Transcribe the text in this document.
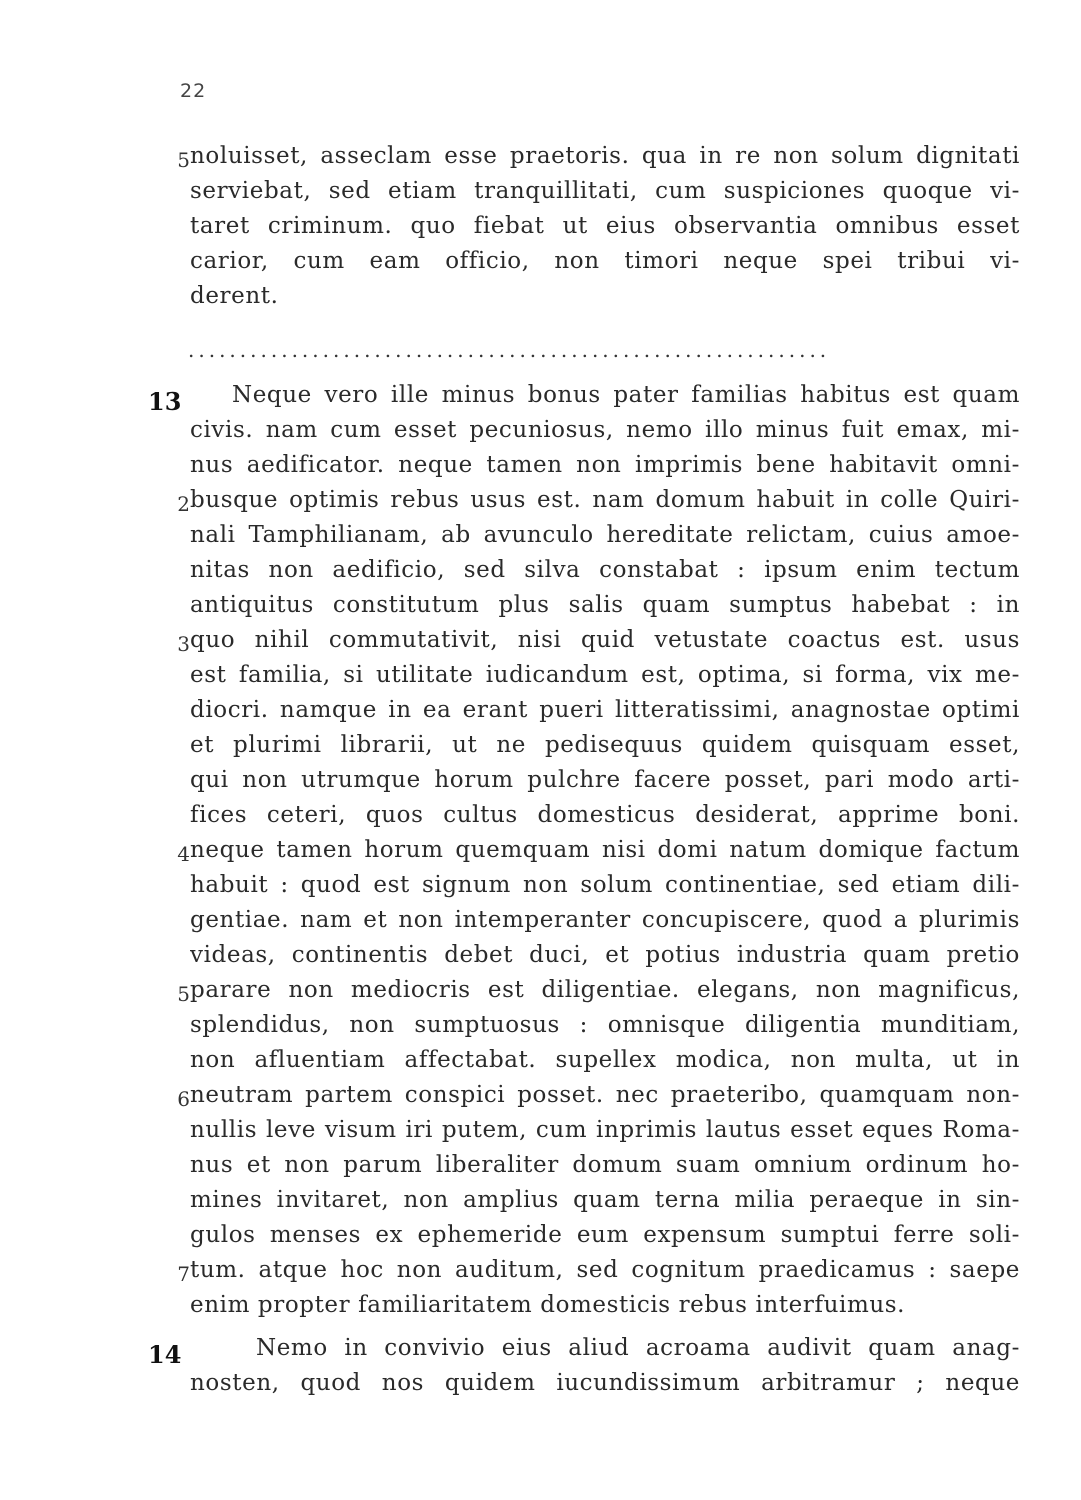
22
5 noluisset, asseclam esse praetoris. qua in re non solum dignitati
serviebat, sed etiam tranquillitati, cum suspiciones quoque vi-
taret criminum. quo fiebat ut eius observantia omnibus esset
carior, cum eam officio, non timori neque spei tribui vi-
derent.
..............................................................
13 Neque vero ille minus bonus pater familias habitus est quam
civis. nam cum esset pecuniosus, nemo illo minus fuit emax, mi-
nus aedificator. neque tamen non imprimis bene habitavit omni-
2 busque optimis rebus usus est. nam domum habuit in colle Quiri-
nali Tamphilianam, ab avunculo hereditate relictam, cuius amoe-
nitas non aedificio, sed silva constabat : ipsum enim tectum
antiquitus constitutum plus salis quam sumptus habebat : in
3 quo nihil commutativit, nisi quid vetustate coactus est. usus
est familia, si utilitate iudicandum est, optima, si forma, vix me-
diocri. namque in ea erant pueri litteratissimi, anagnostae optimi
et plurimi librarii, ut ne pedisequus quidem quisquam esset,
qui non utrumque horum pulchre facere posset, pari modo arti-
fices ceteri, quos cultus domesticus desiderat, apprime boni.
4 neque tamen horum quemquam nisi domi natum domique factum
habuit : quod est signum non solum continentiae, sed etiam dili-
gentiae. nam et non intemperanter concupiscere, quod a plurimis
videas, continentis debet duci, et potius industria quam pretio
5 parare non mediocris est diligentiae. elegans, non magnificus,
splendidus, non sumptuosus : omnisque diligentia munditiam,
non afluentiam affectabat. supellex modica, non multa, ut in
6 neutram partem conspici posset. nec praeteribo, quamquam non-
nullis leve visum iri putem, cum inprimis lautus esset eques Roma-
nus et non parum liberaliter domum suam omnium ordinum ho-
mines invitaret, non amplius quam terna milia peraeque in sin-
gulos menses ex ephemeride eum expensum sumptui ferre soli-
7 tum. atque hoc non auditum, sed cognitum praedicamus : saepe
enim propter familiaritatem domesticis rebus interfuimus.
14	Nemo in convivio eius aliud acroama audivit quam anag-
nosten, quod nos quidem iucundissimum arbitramur ; neque
